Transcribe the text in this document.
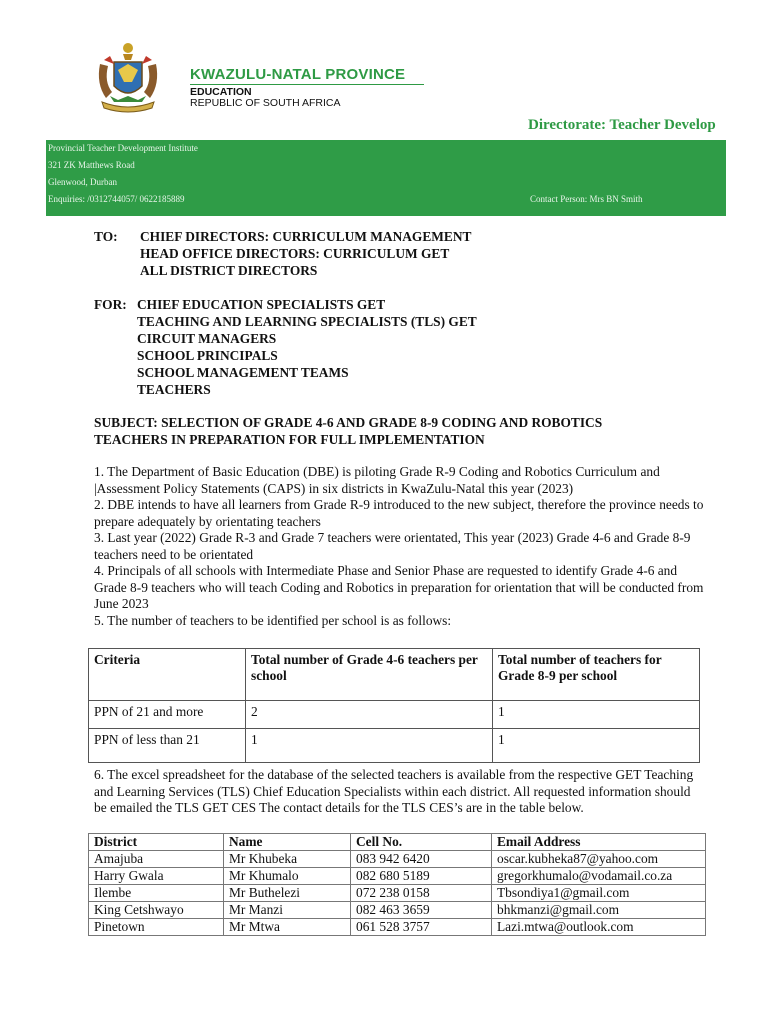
KWAZULU-NATAL PROVINCE
EDUCATION
REPUBLIC OF SOUTH AFRICA
Directorate: Teacher Develop
Provincial Teacher Development Institute
321 ZK Matthews Road
Glenwood, Durban
Enquiries: /0312744057/ 0622185889	Contact Person: Mrs BN Smith
TO: CHIEF DIRECTORS: CURRICULUM MANAGEMENT
HEAD OFFICE DIRECTORS: CURRICULUM GET
ALL DISTRICT DIRECTORS
FOR: CHIEF EDUCATION SPECIALISTS GET
TEACHING AND LEARNING SPECIALISTS (TLS) GET
CIRCUIT MANAGERS
SCHOOL PRINCIPALS
SCHOOL MANAGEMENT TEAMS
TEACHERS
SUBJECT: SELECTION OF GRADE 4-6 AND GRADE 8-9 CODING AND ROBOTICS
TEACHERS IN PREPARATION FOR FULL IMPLEMENTATION

1. The Department of Basic Education (DBE) is piloting Grade R-9 Coding and Robotics Curriculum and |Assessment Policy Statements (CAPS) in six districts in KwaZulu-Natal this year (2023)

2. DBE intends to have all learners from Grade R-9 introduced to the new subject, therefore the province needs to prepare adequately by orientating teachers

3. Last year (2022) Grade R-3 and Grade 7 teachers were orientated, This year (2023) Grade 4-6 and Grade 8-9 teachers need to be orientated

4. Principals of all schools with Intermediate Phase and Senior Phase are requested to identify Grade 4-6 and Grade 8-9 teachers who will teach Coding and Robotics in preparation for orientation that will be conducted from June 2023

5. The number of teachers to be identified per school is as follows:

Criteria	Total number of Grade 4-6 teachers per school	Total number of teachers for Grade 8-9 per school
PPN of 21 and more	2	1
PPN of less than 21	1	1

6. The excel spreadsheet for the database of the selected teachers is available from the respective GET Teaching and Learning Services (TLS) Chief Education Specialists within each district. All requested information should be emailed the TLS GET CES The contact details for the TLS CES’s are in the table below.

District	Name	Cell No.	Email Address
Amajuba	Mr Khubeka	083 942 6420	oscar.kubheka87@yahoo.com
Harry Gwala	Mr Khumalo	082 680 5189	gregorkhumalo@vodamail.co.za
Ilembe	Mr Buthelezi	072 238 0158	Tbsondiya1@gmail.com
King Cetshwayo	Mr Manzi	082 463 3659	bhkmanzi@gmail.com
Pinetown	Mr Mtwa	061 528 3757	Lazi.mtwa@outlook.com
